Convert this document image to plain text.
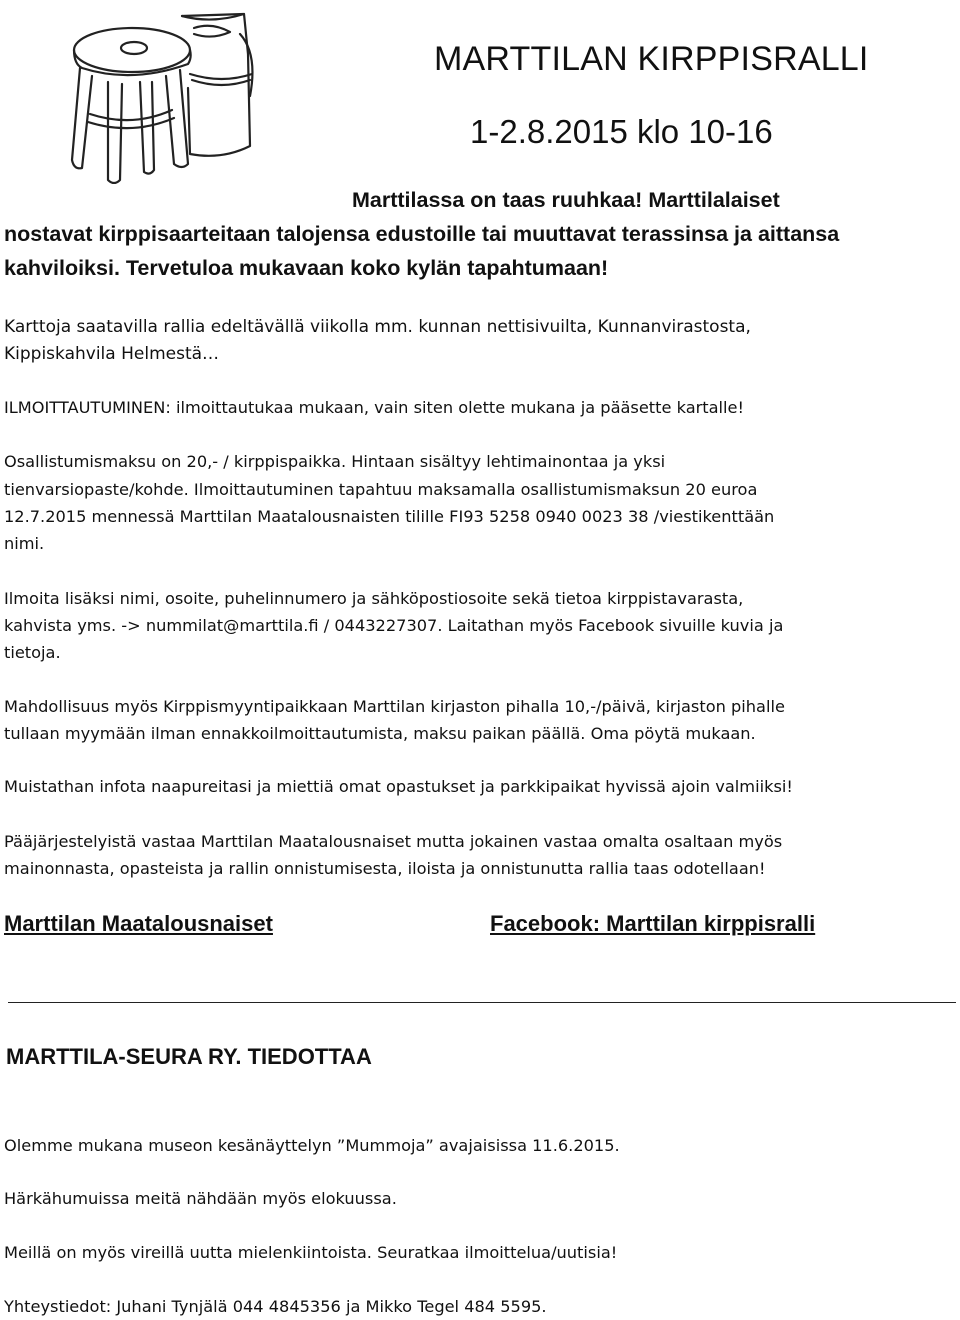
MARTTILAN KIRPPISRALLI
1-2.8.2015 klo 10-16
Marttilassa on taas ruuhkaa! Marttilalaiset
nostavat kirppisaarteitaan talojensa edustoille tai muuttavat terassinsa ja aittansa
kahviloiksi. Tervetuloa mukavaan koko kylän tapahtumaan!
Karttoja saatavilla rallia edeltävällä viikolla mm. kunnan nettisivuilta, Kunnanvirastosta,
Kippiskahvila Helmestä…
ILMOITTAUTUMINEN: ilmoittautukaa mukaan, vain siten olette mukana ja pääsette kartalle!
Osallistumismaksu on 20,- / kirppispaikka. Hintaan sisältyy lehtimainontaa ja yksi
tienvarsiopaste/kohde. Ilmoittautuminen tapahtuu maksamalla osallistumismaksun 20 euroa
12.7.2015 mennessä Marttilan Maatalousnaisten tilille FI93 5258 0940 0023 38 /viestikenttään
nimi.
Ilmoita lisäksi nimi, osoite, puhelinnumero ja sähköpostiosoite sekä tietoa kirppistavarasta,
kahvista yms. -> nummilat@marttila.fi / 0443227307. Laitathan myös Facebook sivuille kuvia ja
tietoja.
Mahdollisuus myös Kirppismyyntipaikkaan Marttilan kirjaston pihalla 10,-/päivä, kirjaston pihalle
tullaan myymään ilman ennakkoilmoittautumista, maksu paikan päällä. Oma pöytä mukaan.
Muistathan infota naapureitasi ja miettiä omat opastukset ja parkkipaikat hyvissä ajoin valmiiksi!
Pääjärjestelyistä vastaa Marttilan Maatalousnaiset mutta jokainen vastaa omalta osaltaan myös
mainonnasta, opasteista ja rallin onnistumisesta, iloista ja onnistunutta rallia taas odotellaan!
Marttilan Maatalousnaiset	Facebook: Marttilan kirppisralli
MARTTILA-SEURA RY. TIEDOTTAA
Olemme mukana museon kesänäyttelyn ”Mummoja” avajaisissa 11.6.2015.
Härkähumuissa meitä nähdään myös elokuussa.
Meillä on myös vireillä uutta mielenkiintoista. Seuratkaa ilmoittelua/uutisia!
Yhteystiedot: Juhani Tynjälä 044 4845356 ja Mikko Tegel 484 5595.
